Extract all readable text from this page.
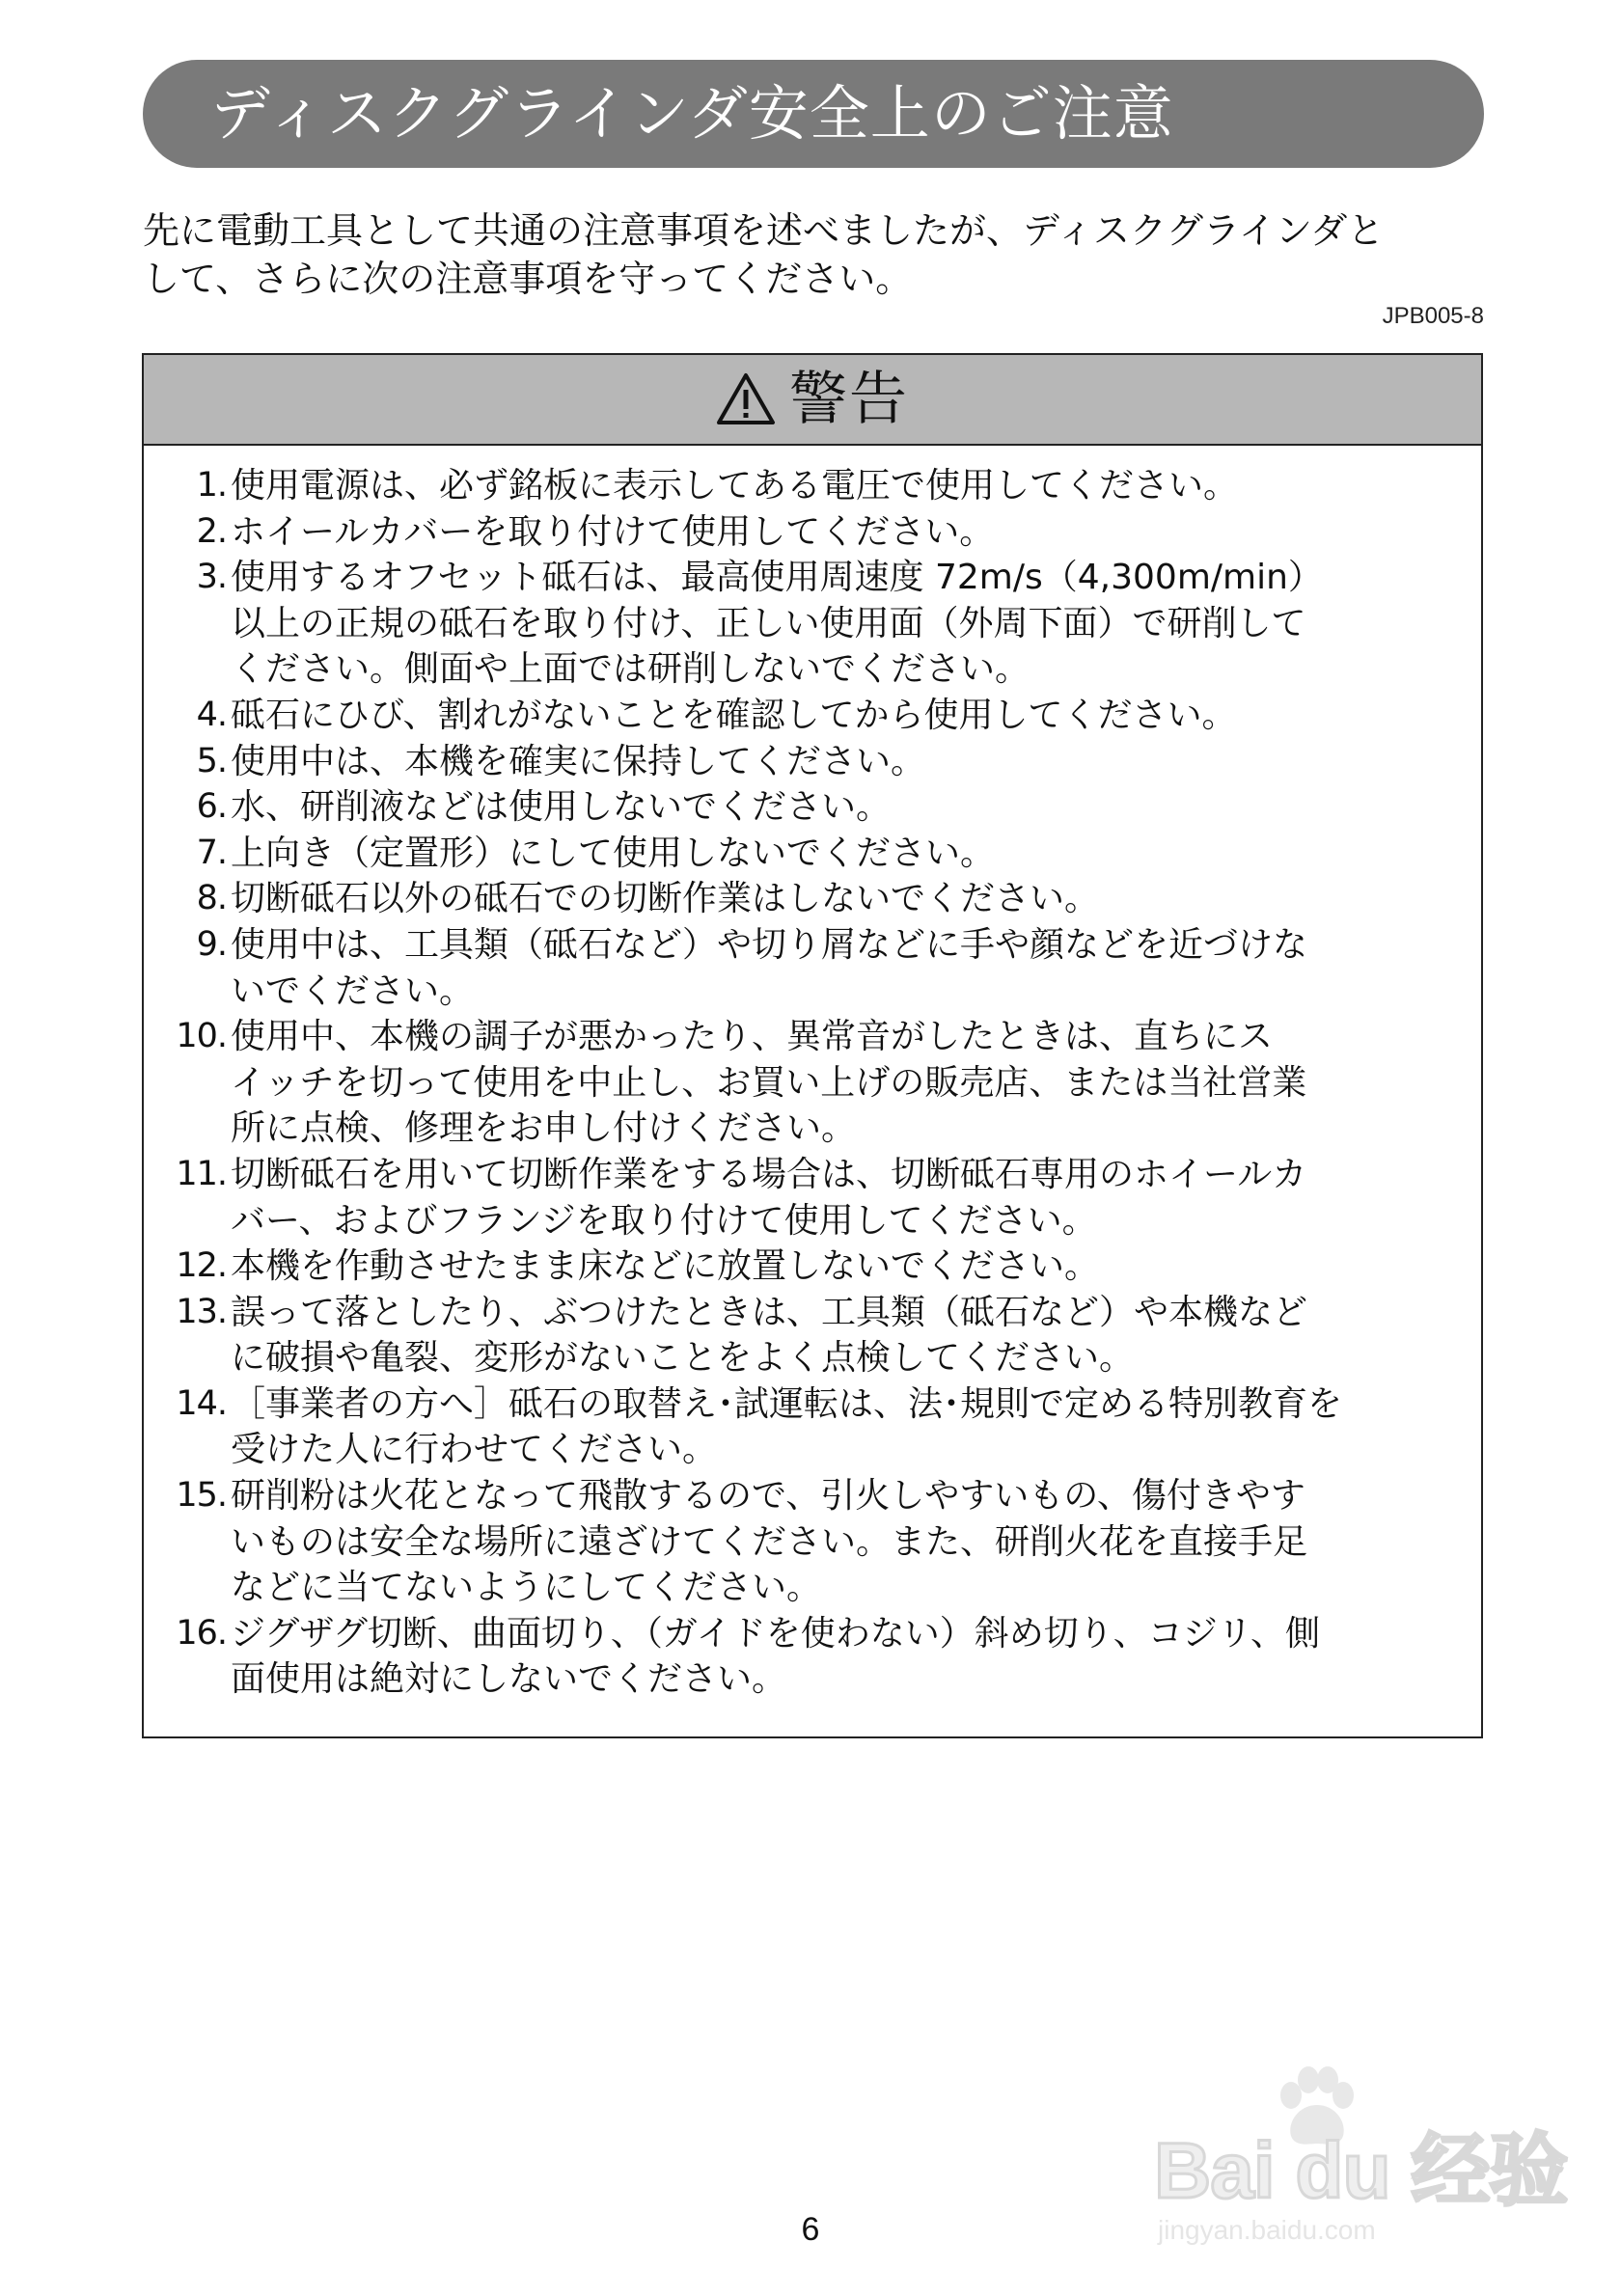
ディスクグラインダ安全上のご注意
先に電動工具として共通の注意事項を述べましたが、ディスクグラインダと
して、さらに次の注意事項を守ってください。
JPB005-8
警告
1. 使用電源は、必ず銘板に表示してある電圧で使用してください。
2. ホイールカバーを取り付けて使用してください。
3. 使用するオフセット砥石は、最高使用周速度 72m/s（4,300m/min）
以上の正規の砥石を取り付け、正しい使用面（外周下面）で研削して
ください。側面や上面では研削しないでください。
4. 砥石にひび、割れがないことを確認してから使用してください。
5. 使用中は、本機を確実に保持してください。
6. 水、研削液などは使用しないでください。
7. 上向き（定置形）にして使用しないでください。
8. 切断砥石以外の砥石での切断作業はしないでください。
9. 使用中は、工具類（砥石など）や切り屑などに手や顔などを近づけな
いでください。
10. 使用中、本機の調子が悪かったり、異常音がしたときは、直ちにス
イッチを切って使用を中止し、お買い上げの販売店、または当社営業
所に点検、修理をお申し付けください。
11. 切断砥石を用いて切断作業をする場合は、切断砥石専用のホイールカ
バー、およびフランジを取り付けて使用してください。
12. 本機を作動させたまま床などに放置しないでください。
13. 誤って落としたり、ぶつけたときは、工具類（砥石など）や本機など
に破損や亀裂、変形がないことをよく点検してください。
14. ［事業者の方へ］砥石の取替え･試運転は、法･規則で定める特別教育を
受けた人に行わせてください。
15. 研削粉は火花となって飛散するので、引火しやすいもの、傷付きやす
いものは安全な場所に遠ざけてください。また、研削火花を直接手足
などに当てないようにしてください。
16. ジグザグ切断、曲面切り、（ガイドを使わない）斜め切り、コジリ、側
面使用は絶対にしないでください。
6
Bai du 经验
jingyan.baidu.com
